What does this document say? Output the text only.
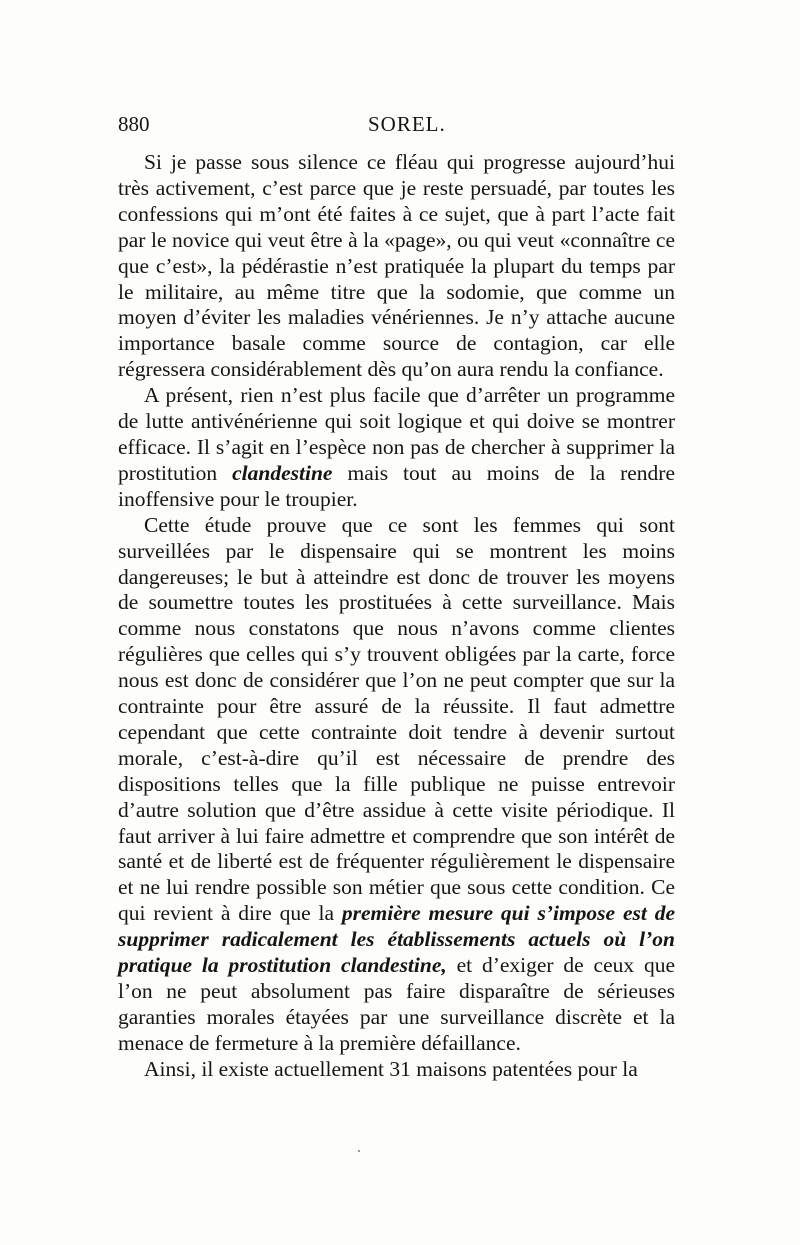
880	SOREL.

Si je passe sous silence ce fléau qui progresse aujourd’hui très activement, c’est parce que je reste persuadé, par toutes les confessions qui m’ont été faites à ce sujet, que à part l’acte fait par le novice qui veut être à la «page», ou qui veut «connaître ce que c’est», la pédérastie n’est pratiquée la plupart du temps par le militaire, au même titre que la sodomie, que comme un moyen d’éviter les maladies vénériennes. Je n’y attache aucune importance basale comme source de contagion, car elle régressera considérablement dès qu’on aura rendu la confiance.

A présent, rien n’est plus facile que d’arrêter un programme de lutte antivénérienne qui soit logique et qui doive se montrer efficace. Il s’agit en l’espèce non pas de chercher à supprimer la prostitution clandestine mais tout au moins de la rendre inoffensive pour le troupier.

Cette étude prouve que ce sont les femmes qui sont surveillées par le dispensaire qui se montrent les moins dangereuses; le but à atteindre est donc de trouver les moyens de soumettre toutes les prostituées à cette surveillance. Mais comme nous constatons que nous n’avons comme clientes régulières que celles qui s’y trouvent obligées par la carte, force nous est donc de considérer que l’on ne peut compter que sur la contrainte pour être assuré de la réussite. Il faut admettre cependant que cette contrainte doit tendre à devenir surtout morale, c’est-à-dire qu’il est nécessaire de prendre des dispositions telles que la fille publique ne puisse entrevoir d’autre solution que d’être assidue à cette visite périodique. Il faut arriver à lui faire admettre et comprendre que son intérêt de santé et de liberté est de fréquenter régulièrement le dispensaire et ne lui rendre possible son métier que sous cette condition. Ce qui revient à dire que la première mesure qui s’impose est de supprimer radicalement les établissements actuels où l’on pratique la prostitution clandestine, et d’exiger de ceux que l’on ne peut absolument pas faire disparaître de sérieuses garanties morales étayées par une surveillance discrète et la menace de fermeture à la première défaillance.

Ainsi, il existe actuellement 31 maisons patentées pour la
